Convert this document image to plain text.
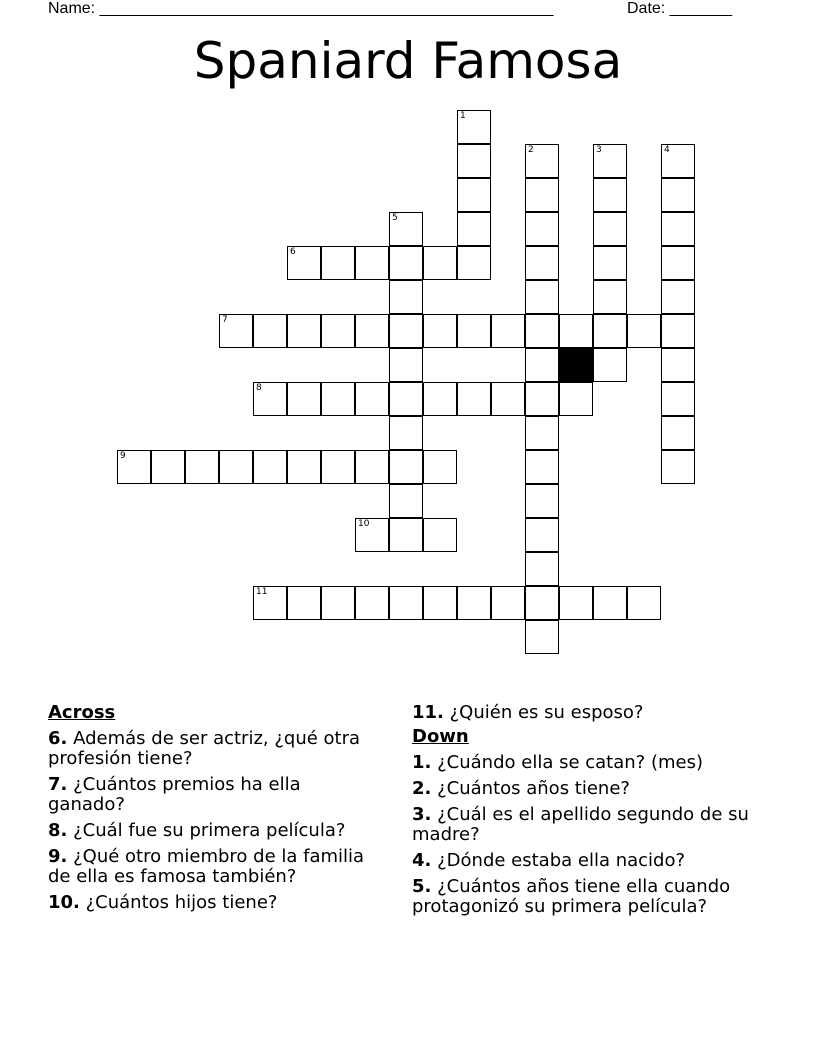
Name: ___________________________________________________	Date: _______
Spaniard Famosa
6
7
8
9
10
11
1
2	3	4
5
Across
6. Además de ser actriz, ¿qué otra profesión tiene?
7. ¿Cuántos premios ha ella ganado?
8. ¿Cuál fue su primera película?
9. ¿Qué otro miembro de la familia de ella es famosa también?
10. ¿Cuántos hijos tiene?
11. ¿Quién es su esposo?
Down
1. ¿Cuándo ella se catan? (mes)
2. ¿Cuántos años tiene?
3. ¿Cuál es el apellido segundo de su madre?
4. ¿Dónde estaba ella nacido?
5. ¿Cuántos años tiene ella cuando protagonizó su primera película?
